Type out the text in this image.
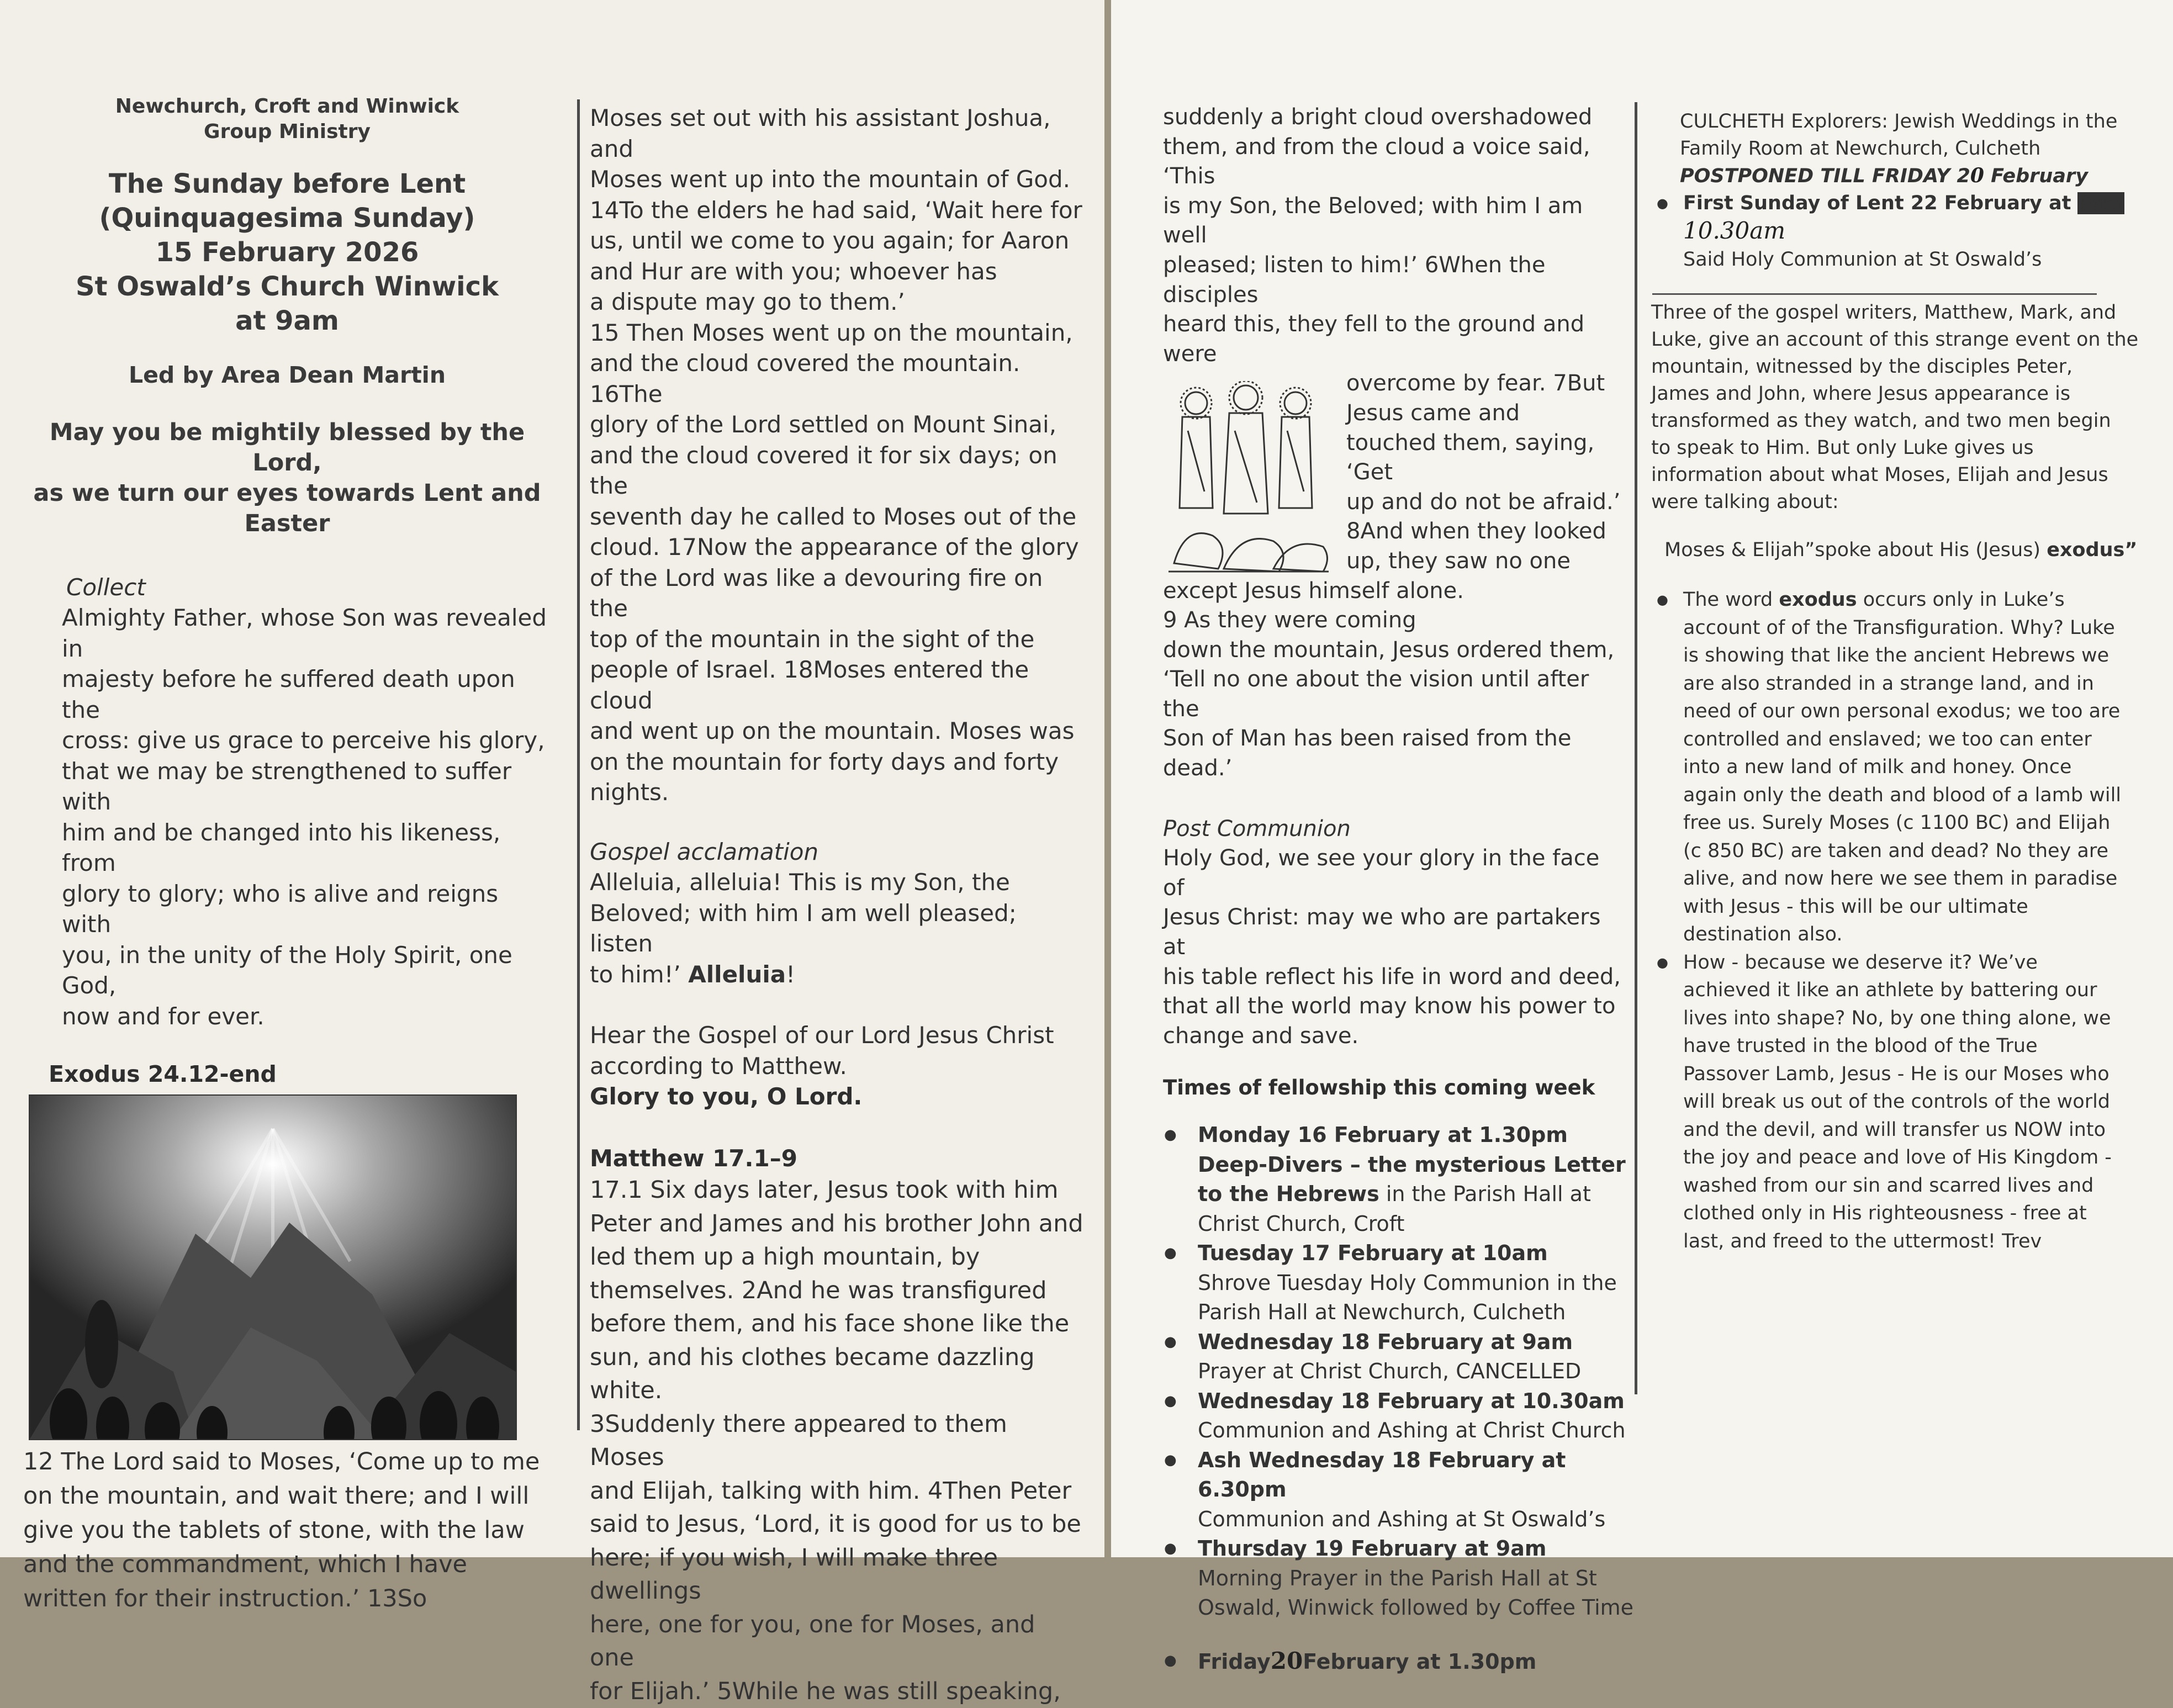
Newchurch, Croft and Winwick

Group Ministry

The Sunday before Lent

(Quinquagesima Sunday)

15 February 2026

St Oswald’s Church Winwick

at 9am

Led by Area Dean Martin

May you be mightily blessed by the Lord,

as we turn our eyes towards Lent and

Easter

Collect

Almighty Father, whose Son was revealed in

majesty before he suffered death upon the

cross: give us grace to perceive his glory,

that we may be strengthened to suffer with

him and be changed into his likeness, from

glory to glory; who is alive and reigns with

you, in the unity of the Holy Spirit, one God,

now and for ever.

Exodus 24.12-end

12 The Lord said to Moses, ‘Come up to me

on the mountain, and wait there; and I will

give you the tablets of stone, with the law

and the commandment, which I have

written for their instruction.’ 13So

Moses set out with his assistant Joshua, and

Moses went up into the mountain of God.

14To the elders he had said, ‘Wait here for

us, until we come to you again; for Aaron

and Hur are with you; whoever has

a dispute may go to them.’

15 Then Moses went up on the mountain,

and the cloud covered the mountain. 16The

glory of the Lord settled on Mount Sinai,

and the cloud covered it for six days; on the

seventh day he called to Moses out of the

cloud. 17Now the appearance of the glory

of the Lord was like a devouring fire on the

top of the mountain in the sight of the

people of Israel. 18Moses entered the cloud

and went up on the mountain. Moses was

on the mountain for forty days and forty

nights.

Gospel acclamation

Alleluia, alleluia! This is my Son, the

Beloved; with him I am well pleased; listen

to him!’ Alleluia!

Hear the Gospel of our Lord Jesus Christ

according to Matthew.

Glory to you, O Lord.

Matthew 17.1–9

17.1 Six days later, Jesus took with him

Peter and James and his brother John and

led them up a high mountain, by

themselves. 2And he was transfigured

before them, and his face shone like the

sun, and his clothes became dazzling white.

3Suddenly there appeared to them Moses

and Elijah, talking with him. 4Then Peter

said to Jesus, ‘Lord, it is good for us to be

here; if you wish, I will make three dwellings

here, one for you, one for Moses, and one

for Elijah.’ 5While he was still speaking,

suddenly a bright cloud overshadowed

them, and from the cloud a voice said, ‘This

is my Son, the Beloved; with him I am well

pleased; listen to him!’ 6When the disciples

heard this, they fell to the ground and were

overcome by fear. 7But

Jesus came and

touched them, saying, ‘Get

up and do not be afraid.’

8And when they looked

up, they saw no one

except Jesus himself alone.

9 As they were coming

down the mountain, Jesus ordered them,

‘Tell no one about the vision until after the

Son of Man has been raised from the dead.’

Post Communion

Holy God, we see your glory in the face of

Jesus Christ: may we who are partakers at

his table reflect his life in word and deed,

that all the world may know his power to

change and save.

Times of fellowship this coming week

● Monday 16 February at 1.30pm Deep-Divers – the mysterious Letter to the Hebrews in the Parish Hall at Christ Church, Croft
● Tuesday 17 February at 10am
Shrove Tuesday Holy Communion in the Parish Hall at Newchurch, Culcheth
● Wednesday 18 February at 9am
Prayer at Christ Church, CANCELLED
● Wednesday 18 February at 10.30am
Communion and Ashing at Christ Church
● Ash Wednesday 18 February at 6.30pm
Communion and Ashing at St Oswald’s
● Thursday 19 February at 9am
Morning Prayer in the Parish Hall at St Oswald, Winwick followed by Coffee Time
● Friday20February at 1.30pm

CULCHETH Explorers: Jewish Weddings in the

Family Room at Newchurch, Culcheth

POSTPONED TILL FRIDAY 20 February

● First Sunday of Lent 22 February at 9am 10.30am
Said Holy Communion at St Oswald’s

Three of the gospel writers, Matthew, Mark, and

Luke, give an account of this strange event on the

mountain, witnessed by the disciples Peter,

James and John, where Jesus appearance is

transformed as they watch, and two men begin

to speak to Him. But only Luke gives us

information about what Moses, Elijah and Jesus

were talking about:

Moses & Elijah”spoke about His (Jesus) exodus”

● The word exodus occurs only in Luke’s account of of the Transfiguration. Why? Luke is showing that like the ancient Hebrews we are also stranded in a strange land, and in need of our own personal exodus; we too are controlled and enslaved; we too can enter into a new land of milk and honey. Once again only the death and blood of a lamb will free us. Surely Moses (c 1100 BC) and Elijah (c 850 BC) are taken and dead? No they are alive, and now here we see them in paradise with Jesus - this will be our ultimate destination also.
● How - because we deserve it? We’ve achieved it like an athlete by battering our lives into shape? No, by one thing alone, we have trusted in the blood of the True Passover Lamb, Jesus - He is our Moses who will break us out of the controls of the world and the devil, and will transfer us NOW into the joy and peace and love of His Kingdom - washed from our sin and scarred lives and clothed only in His righteousness - free at last, and freed to the uttermost! Trev
